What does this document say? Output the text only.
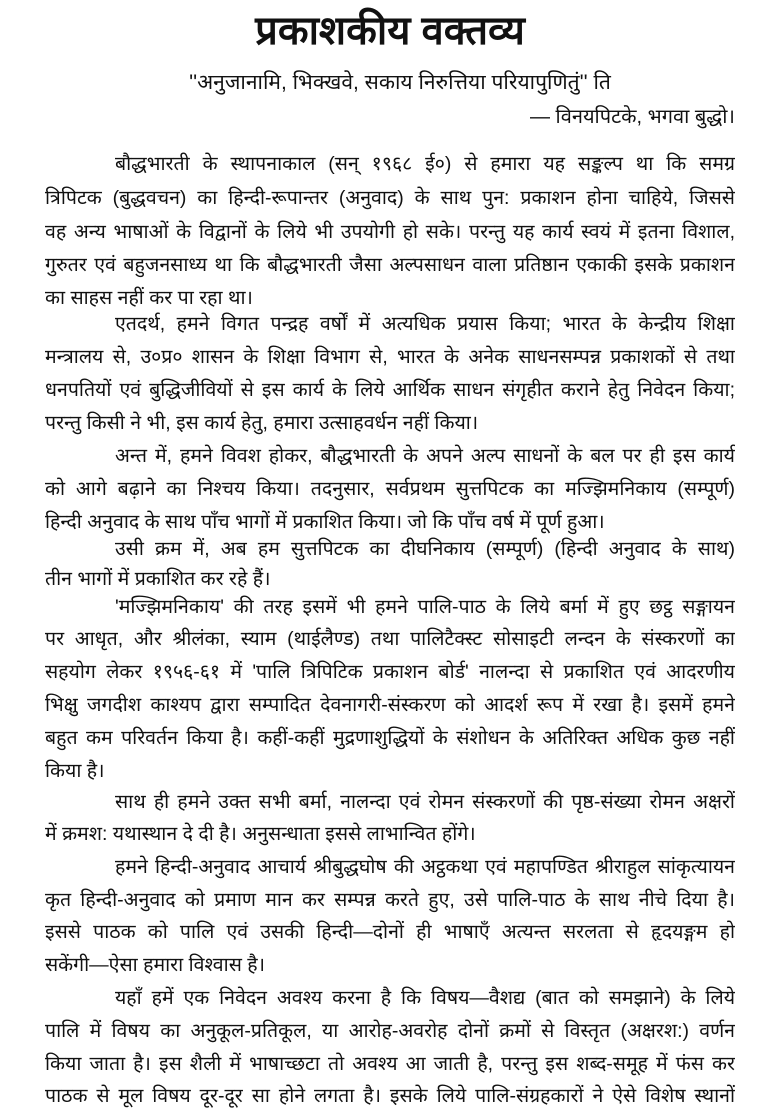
प्रकाशकीय वक्तव्य
''अनुजानामि, भिक्खवे, सकाय निरुत्तिया परियापुणितुं'' ति
— विनयपिटके, भगवा बुद्धो।
बौद्धभारती के स्थापनाकाल (सन् १९६८ ई०) से हमारा यह सङ्कल्प था कि समग्र
त्रिपिटक (बुद्धवचन) का हिन्दी-रूपान्तर (अनुवाद) के साथ पुन: प्रकाशन होना चाहिये, जिससे
वह अन्य भाषाओं के विद्वानों के लिये भी उपयोगी हो सके। परन्तु यह कार्य स्वयं में इतना विशाल,
गुरुतर एवं बहुजनसाध्य था कि बौद्धभारती जैसा अल्पसाधन वाला प्रतिष्ठान एकाकी इसके प्रकाशन
का साहस नहीं कर पा रहा था।
एतदर्थ, हमने विगत पन्द्रह वर्षों में अत्यधिक प्रयास किया; भारत के केन्द्रीय शिक्षा
मन्त्रालय से, उ०प्र० शासन के शिक्षा विभाग से, भारत के अनेक साधनसम्पन्न प्रकाशकों से तथा
धनपतियों एवं बुद्धिजीवियों से इस कार्य के लिये आर्थिक साधन संगृहीत कराने हेतु निवेदन किया;
परन्तु किसी ने भी, इस कार्य हेतु, हमारा उत्साहवर्धन नहीं किया।
अन्त में, हमने विवश होकर, बौद्धभारती के अपने अल्प साधनों के बल पर ही इस कार्य
को आगे बढ़ाने का निश्चय किया। तदनुसार, सर्वप्रथम सुत्तपिटक का मज्झिमनिकाय (सम्पूर्ण)
हिन्दी अनुवाद के साथ पाँच भागों में प्रकाशित किया। जो कि पाँच वर्ष में पूर्ण हुआ।
उसी क्रम में, अब हम सुत्तपिटक का दीघनिकाय (सम्पूर्ण) (हिन्दी अनुवाद के साथ)
तीन भागों में प्रकाशित कर रहे हैं।
'मज्झिमनिकाय' की तरह इसमें भी हमने पालि-पाठ के लिये बर्मा में हुए छट्ठ सङ्गायन
पर आधृत, और श्रीलंका, स्याम (थाईलैण्ड) तथा पालिटैक्स्ट सोसाइटी लन्दन के संस्करणों का
सहयोग लेकर १९५६-६१ में 'पालि त्रिपिटिक प्रकाशन बोर्ड' नालन्दा से प्रकाशित एवं आदरणीय
भिक्षु जगदीश काश्यप द्वारा सम्पादित देवनागरी-संस्करण को आदर्श रूप में रखा है। इसमें हमने
बहुत कम परिवर्तन किया है। कहीं-कहीं मुद्रणाशुद्धियों के संशोधन के अतिरिक्त अधिक कुछ नहीं
किया है।
साथ ही हमने उक्त सभी बर्मा, नालन्दा एवं रोमन संस्करणों की पृष्ठ-संख्या रोमन अक्षरों
में क्रमश: यथास्थान दे दी है। अनुसन्धाता इससे लाभान्वित होंगे।
हमने हिन्दी-अनुवाद आचार्य श्रीबुद्धघोष की अट्ठकथा एवं महापण्डित श्रीराहुल सांकृत्यायन
कृत हिन्दी-अनुवाद को प्रमाण मान कर सम्पन्न करते हुए, उसे पालि-पाठ के साथ नीचे दिया है।
इससे पाठक को पालि एवं उसकी हिन्दी—दोनों ही भाषाएँ अत्यन्त सरलता से हृदयङ्गम हो
सकेंगी—ऐसा हमारा विश्वास है।
यहाँ हमें एक निवेदन अवश्य करना है कि विषय—वैशद्य (बात को समझाने) के लिये
पालि में विषय का अनुकूल-प्रतिकूल, या आरोह-अवरोह दोनों क्रमों से विस्तृत (अक्षरश:) वर्णन
किया जाता है। इस शैली में भाषाच्छटा तो अवश्य आ जाती है, परन्तु इस शब्द-समूह में फंस कर
पाठक से मूल विषय दूर-दूर सा होने लगता है। इसके लिये पालि-संग्रहकारों ने ऐसे विशेष स्थानों
